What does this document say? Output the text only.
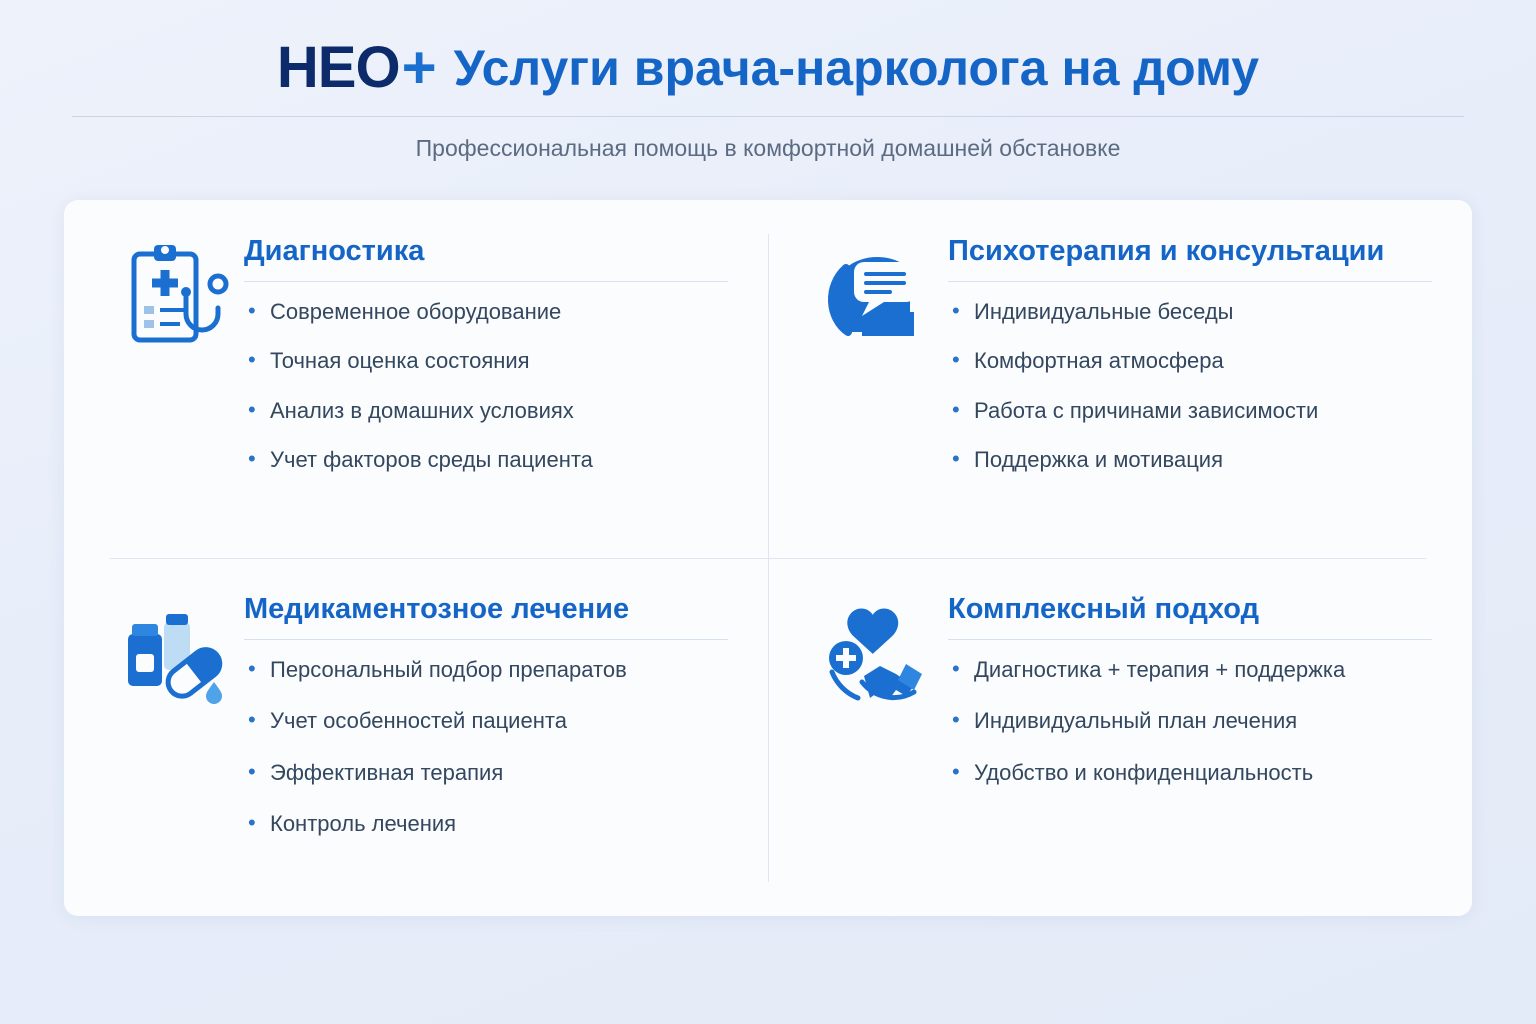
HEO + Услуги врача-нарколога на дому
Профессиональная помощь в комфортной домашней обстановке
Диагностика
• Современное оборудование
• Точная оценка состояния
• Анализ в домашних условиях
• Учет факторов среды пациента
Психотерапия и консультации
• Индивидуальные беседы
• Комфортная атмосфера
• Работа с причинами зависимости
• Поддержка и мотивация
Медикаментозное лечение
• Персональный подбор препаратов
• Учет особенностей пациента
• Эффективная терапия
• Контроль лечения
Комплексный подход
• Диагностика + терапия + поддержка
• Индивидуальный план лечения
• Удобство и конфиденциальность
